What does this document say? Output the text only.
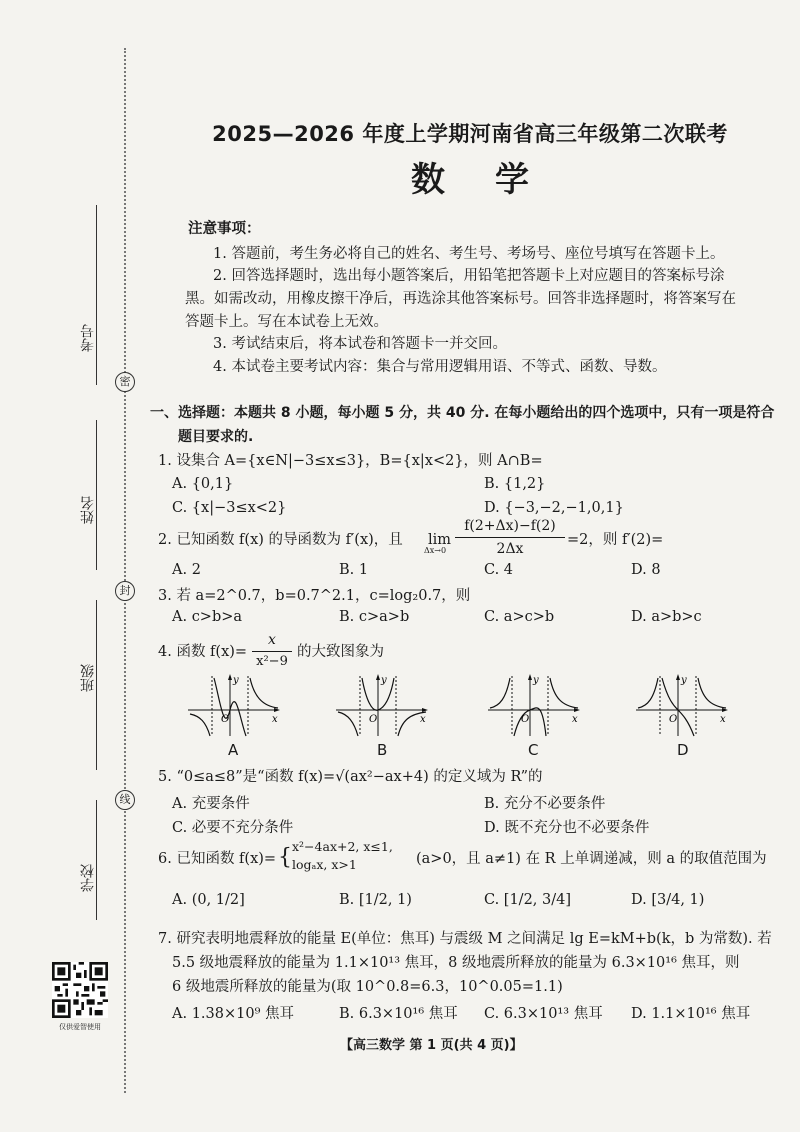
考号
姓名
班级
学校
密
封
线
仅供爱智使用
2025—2026 年度上学期河南省高三年级第二次联考
数学
注意事项：
1. 答题前，考生务必将自己的姓名、考生号、考场号、座位号填写在答题卡上。
2. 回答选择题时，选出每小题答案后，用铅笔把答题卡上对应题目的答案标号涂
黑。如需改动，用橡皮擦干净后，再选涂其他答案标号。回答非选择题时，将答案写在
答题卡上。写在本试卷上无效。
3. 考试结束后，将本试卷和答题卡一并交回。
4. 本试卷主要考试内容：集合与常用逻辑用语、不等式、函数、导数。
一、选择题：本题共 8 小题，每小题 5 分，共 40 分. 在每小题给出的四个选项中，只有一项是符合
题目要求的.
1. 设集合 A={x∈N|−3≤x≤3}，B={x|x<2}，则 A∩B=
A. {0,1}	B. {1,2}
C. {x|−3≤x<2}	D. {−3,−2,−1,0,1}
2. 已知函数 f(x) 的导函数为 f′(x)，且 lim
Δx→0
f(2+Δx)−f(2)
2Δx
=2，则 f′(2)=
A. 2	B. 1	C. 4	D. 8
3. 若 a=2^0.7，b=0.7^2.1，c=log₂0.7，则
A. c>b>a	B. c>a>b	C. a>c>b	D. a>b>c
4. 函数 f(x)=
x
x²−9
的大致图象为
y
x
O
A
y
x
O
B
y
x
O
C
y
x
O
D
5. “0≤a≤8”是“函数 f(x)=√(ax²−ax+4) 的定义域为 R”的
A. 充要条件	B. 充分不必要条件
C. 必要不充分条件	D. 既不充分也不必要条件
6. 已知函数 f(x)= { x²−4ax+2, x≤1,
logₐx, x>1	(a>0，且 a≠1) 在 R 上单调递减，则 a 的取值范围为
A. (0, 1/2]	B. [1/2, 1)	C. [1/2, 3/4]	D. [3/4, 1)
7. 研究表明地震释放的能量 E(单位：焦耳) 与震级 M 之间满足 lg E=kM+b(k，b 为常数). 若
5.5 级地震释放的能量为 1.1×10¹³ 焦耳，8 级地震所释放的能量为 6.3×10¹⁶ 焦耳，则
6 级地震所释放的能量为(取 10^0.8=6.3，10^0.05=1.1)
A. 1.38×10⁹ 焦耳	B. 6.3×10¹⁶ 焦耳 C. 6.3×10¹³ 焦耳 D. 1.1×10¹⁶ 焦耳
【高三数学 第 1 页(共 4 页)】
